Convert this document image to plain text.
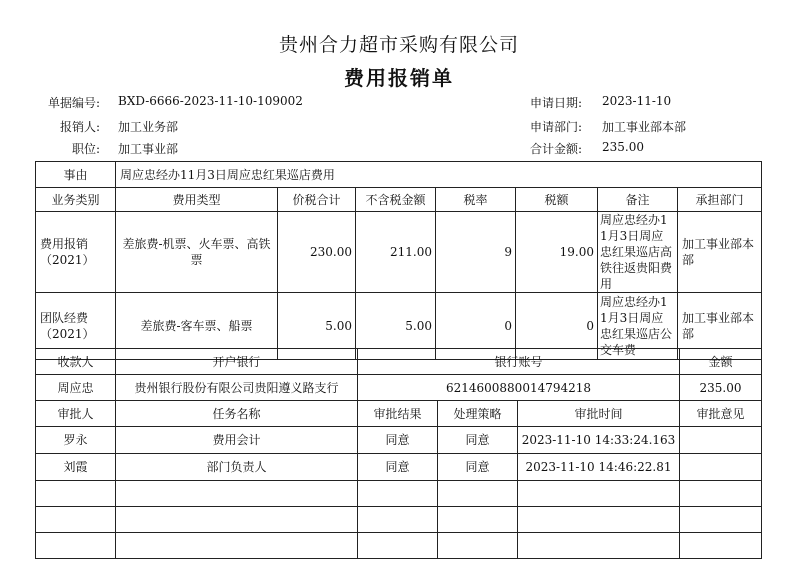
贵州合力超市采购有限公司
费用报销单
单据编号: BXD-6666-2023-11-10-109002
报销人: 加工业务部
职位: 加工事业部
申请日期: 2023-11-10
申请部门: 加工事业部本部
合计金额: 235.00
事由	周应忠经办11月3日周应忠红果巡店费用						
业务类别	费用类型	价税合计	不含税金额	税率	税额	备注	承担部门
费用报销（2021）	差旅费-机票、火车票、高铁票	230.00	211.00	9	19.00	周应忠经办11月3日周应忠红果巡店高铁往返贵阳费用	加工事业部本部
团队经费（2021）	差旅费-客车票、船票	5.00	5.00	0	0	周应忠经办11月3日周应忠红果巡店公交车费	加工事业部本部
收款人	开户银行	银行账号			金额
周应忠	贵州银行股份有限公司贵阳遵义路支行	6214600880014794218			235.00
审批人	任务名称	审批结果	处理策略	审批时间	审批意见
罗永	费用会计	同意	同意	2023-11-10 14:33:24.163	
刘霞	部门负责人	同意	同意	2023-11-10 14:46:22.81	
